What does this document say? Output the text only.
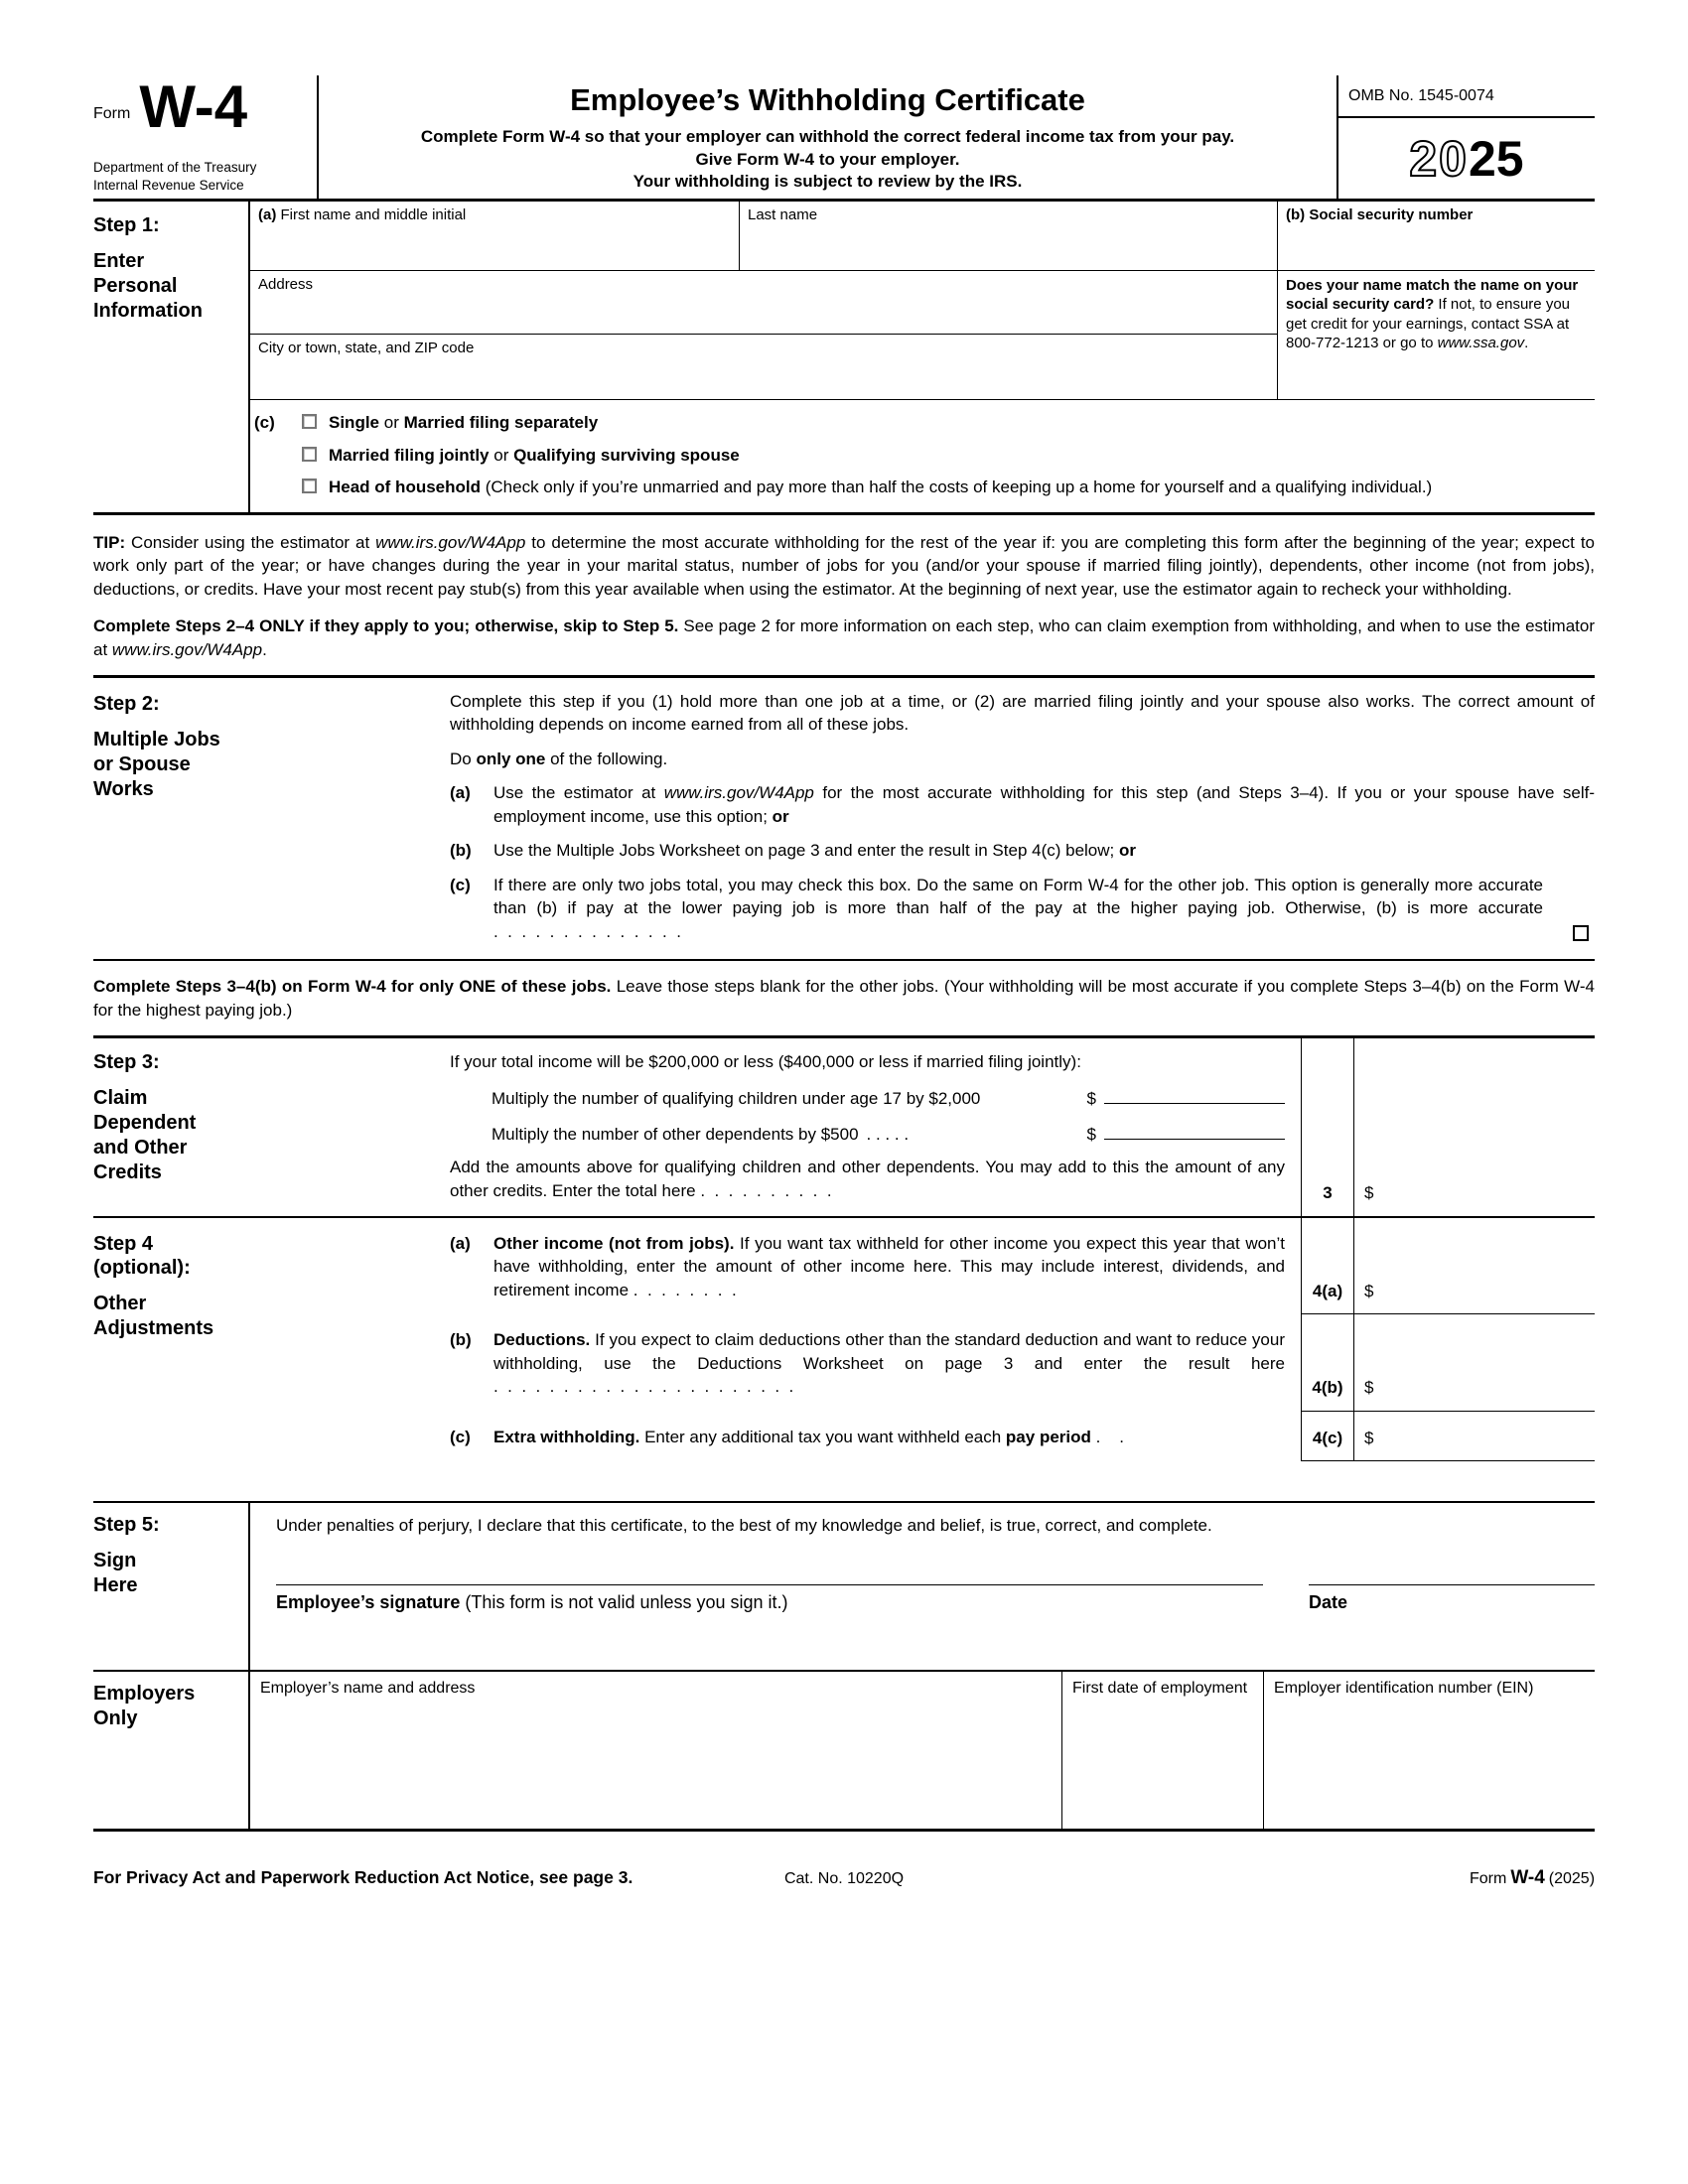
Form W-4
Department of the Treasury
Internal Revenue Service
Employee’s Withholding Certificate
Complete Form W-4 so that your employer can withhold the correct federal income tax from your pay.
Give Form W-4 to your employer.
Your withholding is subject to review by the IRS.
OMB No. 1545-0074
20 25
Step 1:
Enter Personal Information
(a) First name and middle initial	Last name	(b) Social security number
Address	Does your name match the name on your social security card? If not, to ensure you get credit for your earnings, contact SSA at 800-772-1213 or go to www.ssa.gov.
City or town, state, and ZIP code
(c)	Single or Married filing separately
Married filing jointly or Qualifying surviving spouse
Head of household (Check only if you’re unmarried and pay more than half the costs of keeping up a home for yourself and a qualifying individual.)
TIP: Consider using the estimator at www.irs.gov/W4App to determine the most accurate withholding for the rest of the year if: you are completing this form after the beginning of the year; expect to work only part of the year; or have changes during the year in your marital status, number of jobs for you (and/or your spouse if married filing jointly), dependents, other income (not from jobs), deductions, or credits. Have your most recent pay stub(s) from this year available when using the estimator. At the beginning of next year, use the estimator again to recheck your withholding.
Complete Steps 2–4 ONLY if they apply to you; otherwise, skip to Step 5. See page 2 for more information on each step, who can claim exemption from withholding, and when to use the estimator at www.irs.gov/W4App.
Step 2:
Multiple Jobs or Spouse Works

Complete this step if you (1) hold more than one job at a time, or (2) are married filing jointly and your spouse also works. The correct amount of withholding depends on income earned from all of these jobs.

Do only one of the following.

(a)	Use the estimator at www.irs.gov/W4App for the most accurate withholding for this step (and Steps 3–4). If you or your spouse have self-employment income, use this option; or
(b)	Use the Multiple Jobs Worksheet on page 3 and enter the result in Step 4(c) below; or
(c)	If there are only two jobs total, you may check this box. Do the same on Form W-4 for the other job. This option is generally more accurate than (b) if pay at the lower paying job is more than half of the pay at the higher paying job. Otherwise, (b) is more accurate .  .  .  .  .  .  .  .  .  .  .  .  .  .
Complete Steps 3–4(b) on Form W-4 for only ONE of these jobs. Leave those steps blank for the other jobs. (Your withholding will be most accurate if you complete Steps 3–4(b) on the Form W-4 for the highest paying job.)
Step 3:
Claim Dependent and Other Credits
If your total income will be $200,000 or less ($400,000 or less if married filing jointly):
Multiply the number of qualifying children under age 17 by $2,000	$
Multiply the number of other dependents by $500 . . . . .	$
Add the amounts above for qualifying children and other dependents. You may add to this the amount of any other credits. Enter the total here .  .  .  .  .  .  .  .  .  .	3	$
Step 4 (optional):
Other Adjustments
(a)	Other income (not from jobs). If you want tax withheld for other income you expect this year that won’t have withholding, enter the amount of other income here. This may include interest, dividends, and retirement income .  .  .  .  .  .  .  .	4(a)	$
(b)	Deductions. If you expect to claim deductions other than the standard deduction and want to reduce your withholding, use the Deductions Worksheet on page 3 and enter the result here .  .  .  .  .  .  .  .  .  .  .  .  .  .  .  .  .  .  .  .  .  .	4(b)	$
(c)	Extra withholding. Enter any additional tax you want withheld each pay period .    .	4(c)	$
Step 5:
Sign Here
Under penalties of perjury, I declare that this certificate, to the best of my knowledge and belief, is true, correct, and complete.
Employee’s signature (This form is not valid unless you sign it.)	Date
Employers Only
Employer’s name and address	First date of employment	Employer identification number (EIN)
For Privacy Act and Paperwork Reduction Act Notice, see page 3.	Cat. No. 10220Q	Form W-4 (2025)
